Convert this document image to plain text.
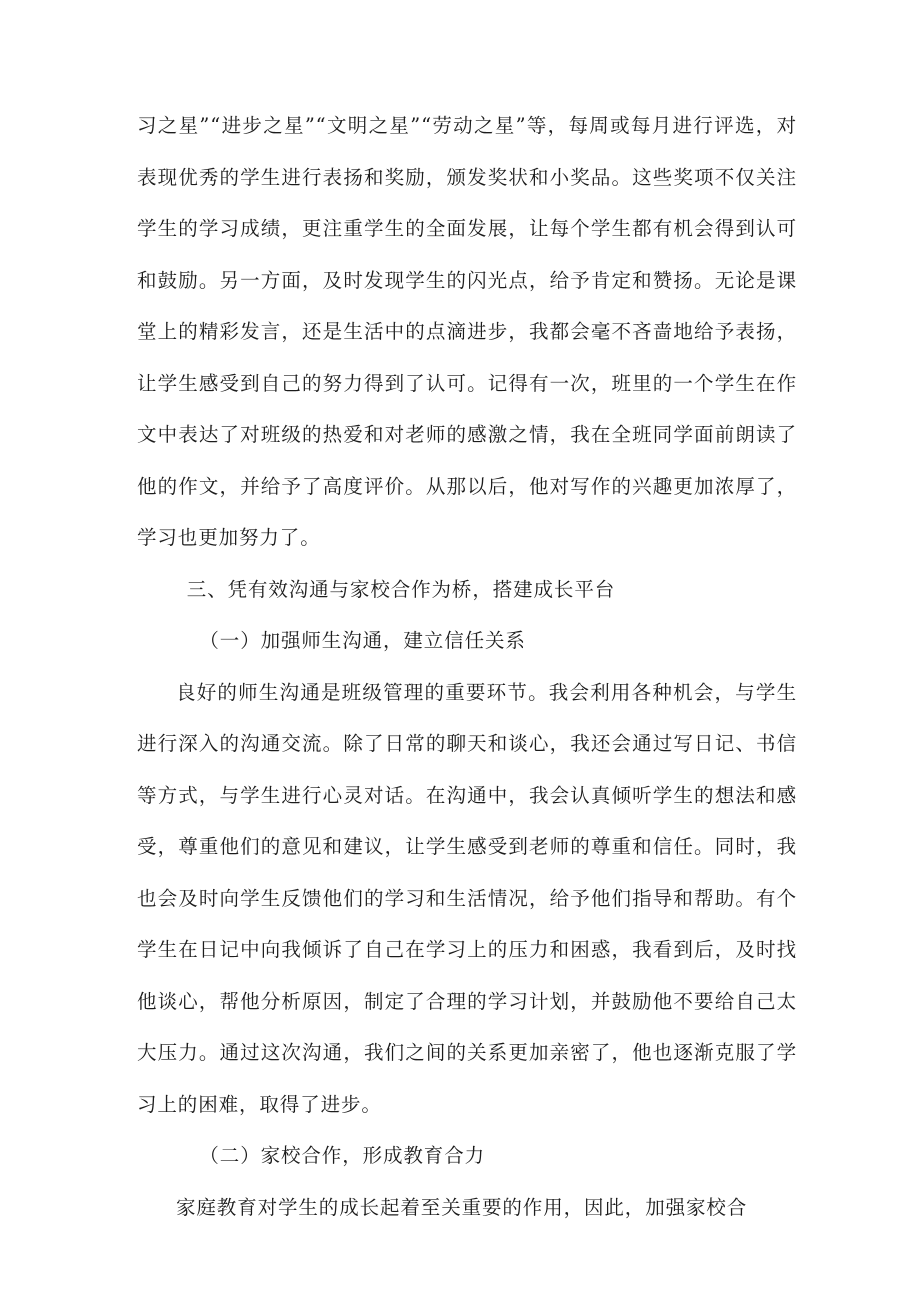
习之星”“进步之星”“文明之星”“劳动之星”等，每周或每月进行评选，对表现优秀的学生进行表扬和奖励，颁发奖状和小奖品。这些奖项不仅关注学生的学习成绩，更注重学生的全面发展，让每个学生都有机会得到认可和鼓励。另一方面，及时发现学生的闪光点，给予肯定和赞扬。无论是课堂上的精彩发言，还是生活中的点滴进步，我都会毫不吝啬地给予表扬，让学生感受到自己的努力得到了认可。记得有一次，班里的一个学生在作文中表达了对班级的热爱和对老师的感激之情，我在全班同学面前朗读了他的作文，并给予了高度评价。从那以后，他对写作的兴趣更加浓厚了，学习也更加努力了。

三、凭有效沟通与家校合作为桥，搭建成长平台

（一）加强师生沟通，建立信任关系

良好的师生沟通是班级管理的重要环节。我会利用各种机会，与学生进行深入的沟通交流。除了日常的聊天和谈心，我还会通过写日记、书信等方式，与学生进行心灵对话。在沟通中，我会认真倾听学生的想法和感受，尊重他们的意见和建议，让学生感受到老师的尊重和信任。同时，我也会及时向学生反馈他们的学习和生活情况，给予他们指导和帮助。有个学生在日记中向我倾诉了自己在学习上的压力和困惑，我看到后，及时找他谈心，帮他分析原因，制定了合理的学习计划，并鼓励他不要给自己太大压力。通过这次沟通，我们之间的关系更加亲密了，他也逐渐克服了学习上的困难，取得了进步。

（二）家校合作，形成教育合力

家庭教育对学生的成长起着至关重要的作用，因此，加强家校合
